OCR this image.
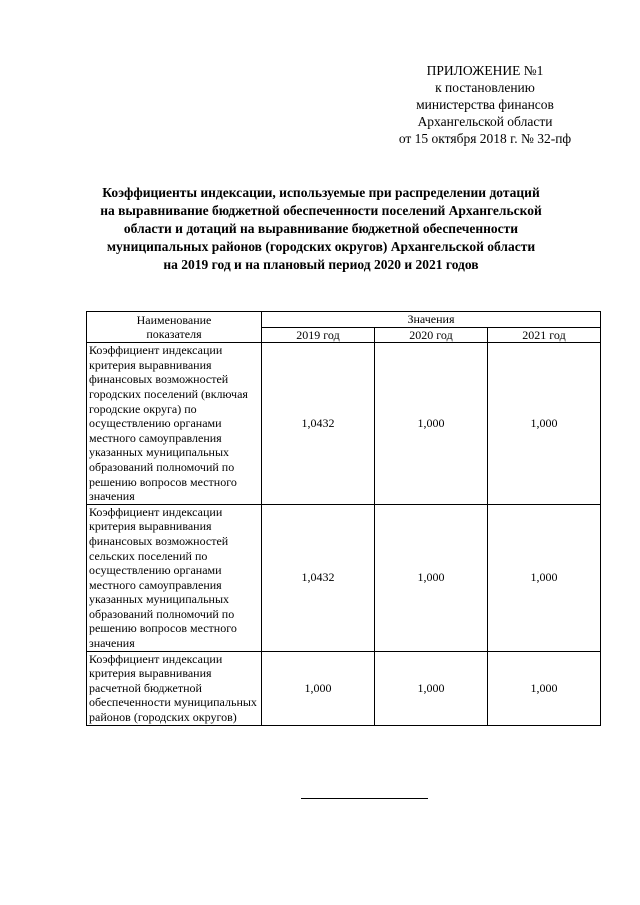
ПРИЛОЖЕНИЕ №1
к постановлению
министерства финансов
Архангельской области
от 15 октября 2018 г. № 32-пф
Коэффициенты индексации, используемые при распределении дотаций
на выравнивание бюджетной обеспеченности поселений Архангельской
области и дотаций на выравнивание бюджетной обеспеченности
муниципальных районов (городских округов) Архангельской области
на 2019 год и на плановый период 2020 и 2021 годов
Наименование
показателя	Значения		
	2019 год	2020 год	2021 год
Коэффициент индексации критерия выравнивания финансовых возможностей городских поселений (включая городские округа) по осуществлению органами местного самоуправления указанных муниципальных образований полномочий по решению вопросов местного значения	1,0432	1,000	1,000
Коэффициент индексации критерия выравнивания финансовых возможностей сельских поселений по осуществлению органами местного самоуправления указанных муниципальных образований полномочий по решению вопросов местного значения	1,0432	1,000	1,000
Коэффициент индексации критерия выравнивания расчетной бюджетной обеспеченности муниципальных районов (городских округов)	1,000	1,000	1,000
